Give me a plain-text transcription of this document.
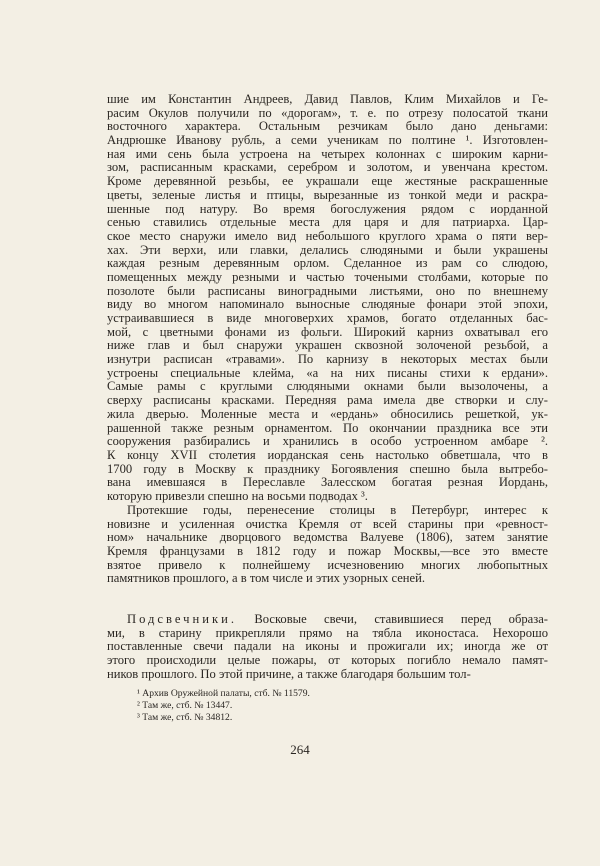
шие им Константин Андреев, Давид Павлов, Клим Михайлов и Ге-
расим Окулов получили по «дорогам», т. е. по отрезу полосатой ткани
восточного характера. Остальным резчикам было дано деньгами:
Андрюшке Иванову рубль, а семи ученикам по полтине ¹. Изготовлен-
ная ими сень была устроена на четырех колоннах с широким карни-
зом, расписанным красками, серебром и золотом, и увенчана крестом.
Кроме деревянной резьбы, ее украшали еще жестяные раскрашенные
цветы, зеленые листья и птицы, вырезанные из тонкой меди и раскра-
шенные под натуру. Во время богослужения рядом с иорданной
сенью ставились отдельные места для царя и для патриарха. Цар-
ское место снаружи имело вид небольшого круглого храма о пяти вер-
хах. Эти верхи, или главки, делались слюдяными и были украшены
каждая резным деревянным орлом. Сделанное из рам со слюдою,
помещенных между резными и частью точеными столбами, которые по
позолоте были расписаны виноградными листьями, оно по внешнему
виду во многом напоминало выносные слюдяные фонари этой эпохи,
устраивавшиеся в виде многоверхих храмов, богато отделанных бас-
мой, с цветными фонами из фольги. Широкий карниз охватывал его
ниже глав и был снаружи украшен сквозной золоченой резьбой, а
изнутри расписан «травами». По карнизу в некоторых местах были
устроены специальные клейма, «а на них писаны стихи к ердани».
Самые рамы с круглыми слюдяными окнами были вызолочены, а
сверху расписаны красками. Передняя рама имела две створки и слу-
жила дверью. Моленные места и «ердань» обносились решеткой, ук-
рашенной также резным орнаментом. По окончании праздника все эти
сооружения разбирались и хранились в особо устроенном амбаре ².
К концу XVII столетия иорданская сень настолько обветшала, что в
1700 году в Москву к празднику Богоявления спешно была вытребо-
вана имевшаяся в Переславле Залесском богатая резная Иордань,
которую привезли спешно на восьми подводах ³.
Протекшие годы, перенесение столицы в Петербург, интерес к
новизне и усиленная очистка Кремля от всей старины при «ревност-
ном» начальнике дворцового ведомства Валуеве (1806), затем занятие
Кремля французами в 1812 году и пожар Москвы,—все это вместе
взятое привело к полнейшему исчезновению многих любопытных
памятников прошлого, а в том числе и этих узорных сеней.
Подсвечники. Восковые свечи, ставившиеся перед образа-
ми, в старину прикрепляли прямо на тябла иконостаса. Нехорошо
поставленные свечи падали на иконы и прожигали их; иногда же от
этого происходили целые пожары, от которых погибло немало памят-
ников прошлого. По этой причине, а также благодаря большим тол-
¹ Архив Оружейной палаты, стб. № 11579.
² Там же, стб. № 13447.
³ Там же, стб. № 34812.
264
